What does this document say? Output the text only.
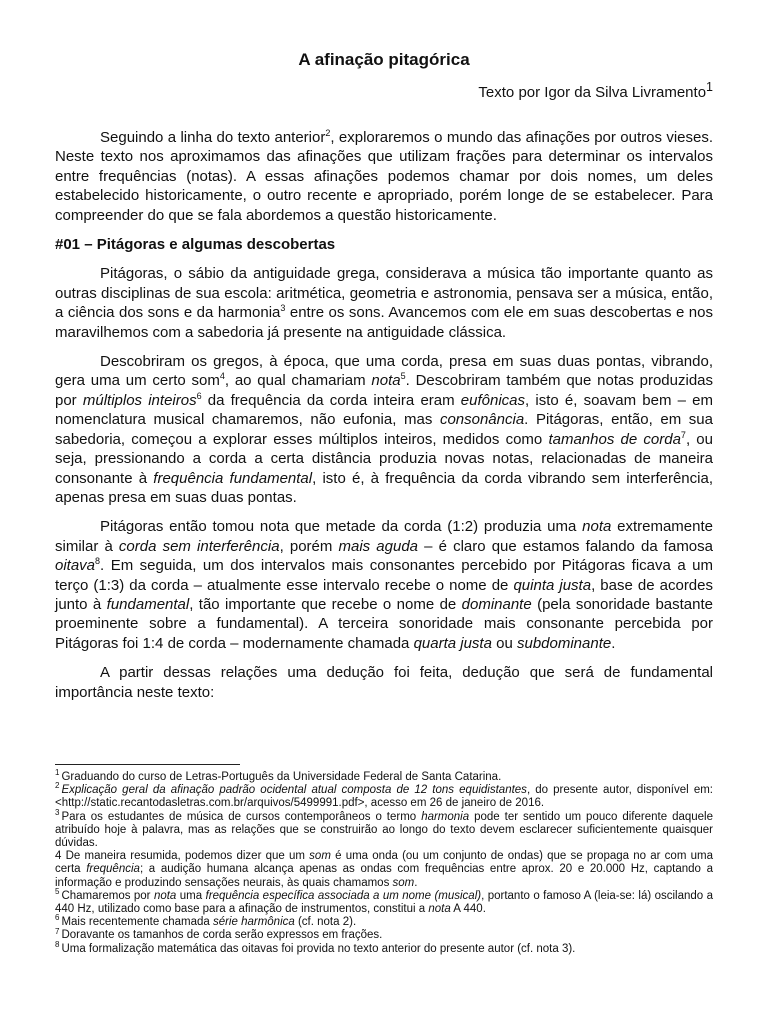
A afinação pitagórica

Texto por Igor da Silva Livramento$^1$

Seguindo a linha do texto anterior$^2$, exploraremos o mundo das afinações por outros vieses. Neste texto nos aproximamos das afinações que utilizam frações para determinar os intervalos entre frequências (notas). A essas afinações podemos chamar por dois nomes, um deles estabelecido historicamente, o outro recente e apropriado, porém longe de se estabelecer. Para compreender do que se fala abordemos a questão historicamente.

#01 – Pitágoras e algumas descobertas

Pitágoras, o sábio da antiguidade grega, considerava a música tão importante quanto as outras disciplinas de sua escola: aritmética, geometria e astronomia, pensava ser a música, então, a ciência dos sons e da harmonia$^3$ entre os sons. Avancemos com ele em suas descobertas e nos maravilhemos com a sabedoria já presente na antiguidade clássica.

Descobriram os gregos, à época, que uma corda, presa em suas duas pontas, vibrando, gera uma um certo som$^4$, ao qual chamariam nota$^5$. Descobriram também que notas produzidas por múltiplos inteiros$^6$ da frequência da corda inteira eram eufônicas, isto é, soavam bem – em nomenclatura musical chamaremos, não eufonia, mas consonância. Pitágoras, então, em sua sabedoria, começou a explorar esses múltiplos inteiros, medidos como tamanhos de corda$^7$, ou seja, pressionando a corda a certa distância produzia novas notas, relacionadas de maneira consonante à frequência fundamental, isto é, à frequência da corda vibrando sem interferência, apenas presa em suas duas pontas.

Pitágoras então tomou nota que metade da corda (1:2) produzia uma nota extremamente similar à corda sem interferência, porém mais aguda – é claro que estamos falando da famosa oitava$^8$. Em seguida, um dos intervalos mais consonantes percebido por Pitágoras ficava a um terço (1:3) da corda – atualmente esse intervalo recebe o nome de quinta justa, base de acordes junto à fundamental, tão importante que recebe o nome de dominante (pela sonoridade bastante proeminente sobre a fundamental). A terceira sonoridade mais consonante percebida por Pitágoras foi 1:4 de corda – modernamente chamada quarta justa ou subdominante.

A partir dessas relações uma dedução foi feita, dedução que será de fundamental importância neste texto:

$^1$ Graduando do curso de Letras-Português da Universidade Federal de Santa Catarina.

$^2$ Explicação geral da afinação padrão ocidental atual composta de 12 tons equidistantes, do presente autor, disponível em: <http://static.recantodasletras.com.br/arquivos/5499991.pdf>, acesso em 26 de janeiro de 2016.

$^3$ Para os estudantes de música de cursos contemporâneos o termo harmonia pode ter sentido um pouco diferente daquele atribuído hoje à palavra, mas as relações que se construirão ao longo do texto devem esclarecer suficientemente quaisquer dúvidas.

4 De maneira resumida, podemos dizer que um som é uma onda (ou um conjunto de ondas) que se propaga no ar com uma certa frequência; a audição humana alcança apenas as ondas com frequências entre aprox. 20 e 20.000 Hz, captando a informação e produzindo sensações neurais, às quais chamamos som.

$^5$ Chamaremos por nota uma frequência específica associada a um nome (musical), portanto o famoso A (leia-se: lá) oscilando a 440 Hz, utilizado como base para a afinação de instrumentos, constitui a nota A 440.

$^6$ Mais recentemente chamada série harmônica (cf. nota 2).

$^7$ Doravante os tamanhos de corda serão expressos em frações.

$^8$ Uma formalização matemática das oitavas foi provida no texto anterior do presente autor (cf. nota 3).
